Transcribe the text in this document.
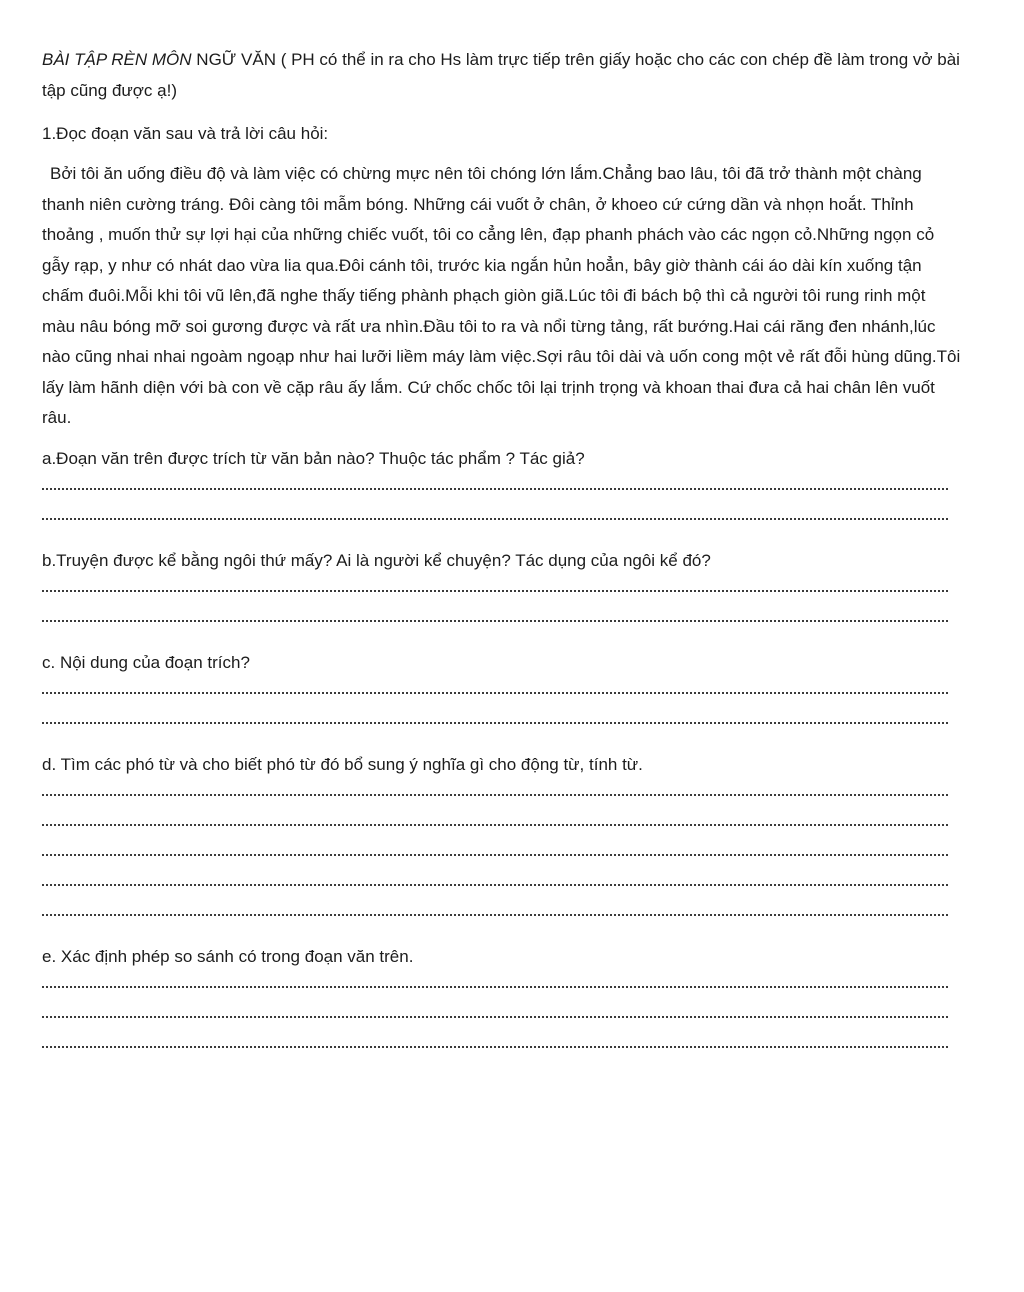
BÀI TẬP RÈN MÔN NGỮ VĂN ( PH có thể in ra cho Hs làm trực tiếp trên giấy hoặc cho các con chép đề làm trong vở bài tập cũng được ạ!)

1.Đọc đoạn văn sau và trả lời câu hỏi:
Bởi tôi ăn uống điều độ và làm việc có chừng mực nên tôi chóng lớn lắm.Chẳng bao lâu, tôi đã trở thành một chàng thanh niên cường tráng. Đôi càng tôi mẫm bóng. Những cái vuốt ở chân, ở khoeo cứ cứng dần và nhọn hoắt. Thỉnh thoảng , muốn thử sự lợi hại của những chiếc vuốt, tôi co cẳng lên, đạp phanh phách vào các ngọn cỏ.Những ngọn cỏ gẫy rạp, y như có nhát dao vừa lia qua.Đôi cánh tôi, trước kia ngắn hủn hoẳn, bây giờ thành cái áo dài kín xuống tận chấm đuôi.Mỗi khi tôi vũ lên,đã nghe thấy tiếng phành phạch giòn giã.Lúc tôi đi bách bộ thì cả người tôi rung rinh một màu nâu bóng mỡ soi gương được và rất ưa nhìn.Đầu tôi to ra và nổi từng tảng, rất bướng.Hai cái răng đen nhánh,lúc nào cũng nhai nhai ngoàm ngoạp như hai lưỡi liềm máy làm việc.Sợi râu tôi dài và uốn cong một vẻ rất đỗi hùng dũng.Tôi lấy làm hãnh diện với bà con về cặp râu ấy lắm. Cứ chốc chốc tôi lại trịnh trọng và khoan thai đưa cả hai chân lên vuốt râu.
a.Đoạn văn trên được trích từ văn bản nào? Thuộc tác phẩm ? Tác giả?
b.Truyện được kể bằng ngôi thứ mấy? Ai là người kể chuyện? Tác dụng của ngôi kể đó?
c. Nội dung của đoạn trích?
d. Tìm các phó từ và cho biết phó từ đó bổ sung ý nghĩa gì cho động từ, tính từ.
e. Xác định phép so sánh có trong đoạn văn trên.
